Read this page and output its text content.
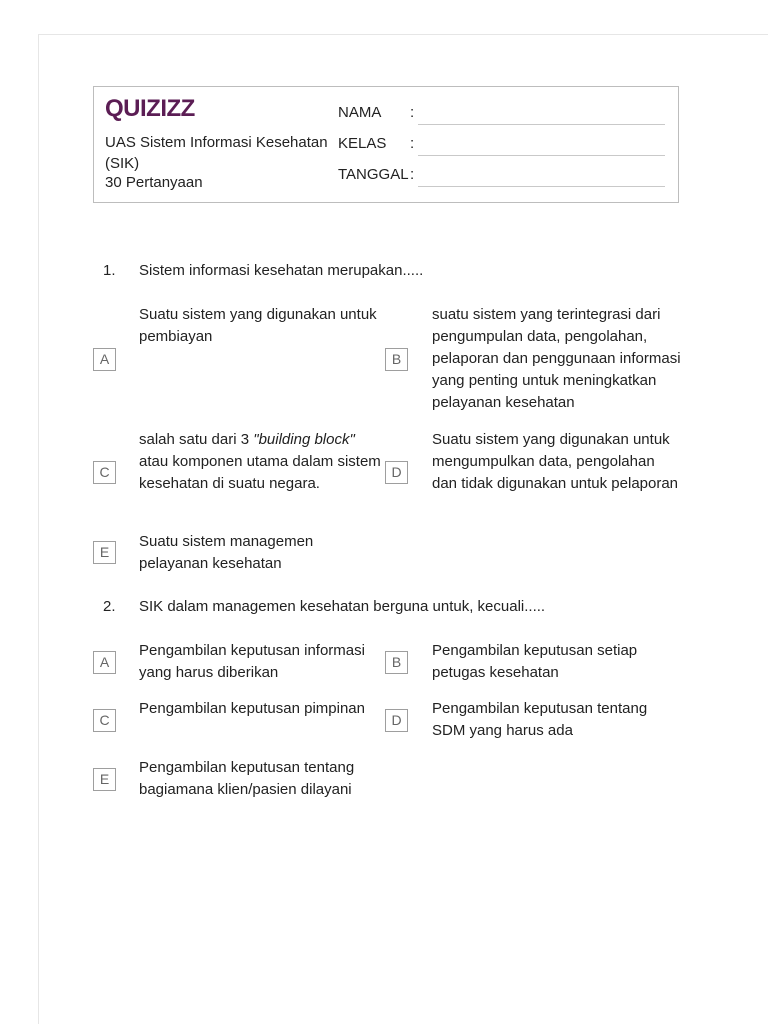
QUIZIZZ
UAS Sistem Informasi Kesehatan (SIK)
30 Pertanyaan
NAMA :
KELAS :
TANGGAL :
1. Sistem informasi kesehatan merupakan.....
A
Suatu sistem yang digunakan untuk pembiayan
B
suatu sistem yang terintegrasi dari pengumpulan data, pengolahan, pelaporan dan penggunaan informasi yang penting untuk meningkatkan pelayanan kesehatan
C
salah satu dari 3 "building block" atau komponen utama dalam sistem kesehatan di suatu negara.
D
Suatu sistem yang digunakan untuk mengumpulkan data, pengolahan dan tidak digunakan untuk pelaporan
E
Suatu sistem managemen pelayanan kesehatan
2. SIK dalam managemen kesehatan berguna untuk, kecuali.....
A
Pengambilan keputusan informasi yang harus diberikan
B
Pengambilan keputusan setiap petugas kesehatan
C
Pengambilan keputusan pimpinan
D
Pengambilan keputusan tentang SDM yang harus ada
E
Pengambilan keputusan tentang bagiamana klien/pasien dilayani
